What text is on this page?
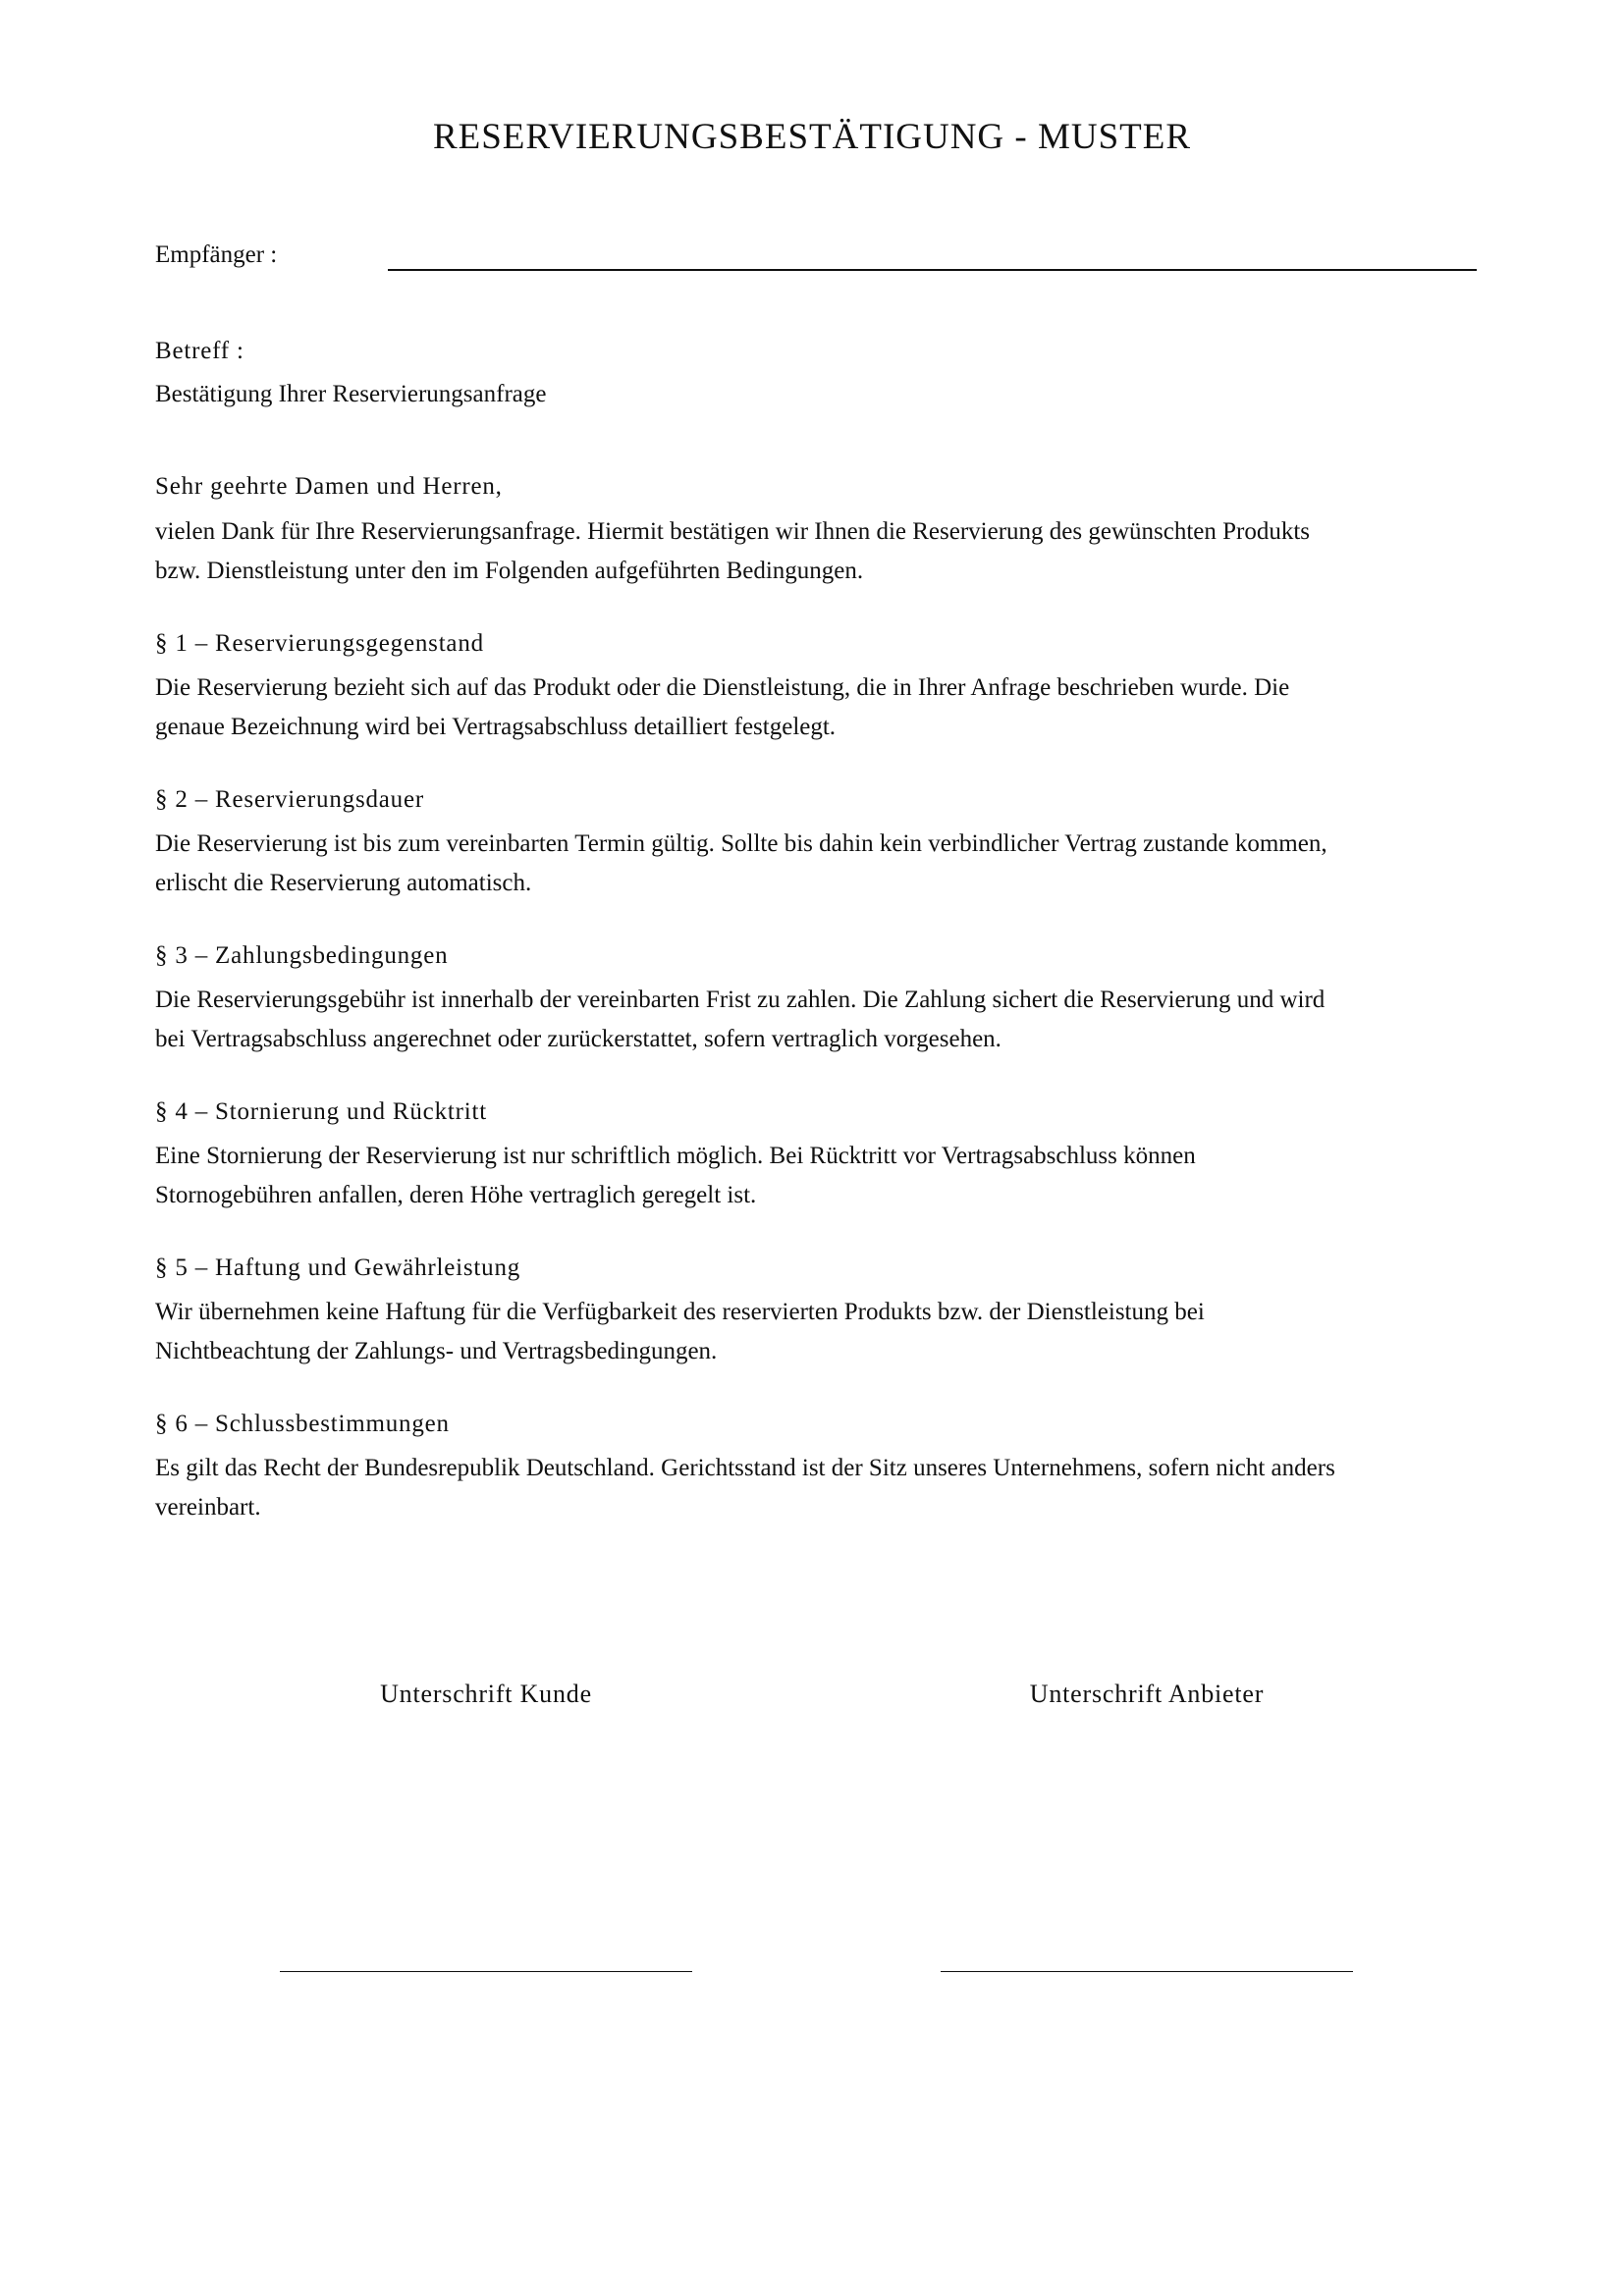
RESERVIERUNGSBESTÄTIGUNG - MUSTER
Empfänger :
Betreff :
Bestätigung Ihrer Reservierungsanfrage
Sehr geehrte Damen und Herren,
vielen Dank für Ihre Reservierungsanfrage. Hiermit bestätigen wir Ihnen die Reservierung des gewünschten Produkts
bzw. Dienstleistung unter den im Folgenden aufgeführten Bedingungen.
§ 1 – Reservierungsgegenstand
Die Reservierung bezieht sich auf das Produkt oder die Dienstleistung, die in Ihrer Anfrage beschrieben wurde. Die
genaue Bezeichnung wird bei Vertragsabschluss detailliert festgelegt.
§ 2 – Reservierungsdauer
Die Reservierung ist bis zum vereinbarten Termin gültig. Sollte bis dahin kein verbindlicher Vertrag zustande kommen,
erlischt die Reservierung automatisch.
§ 3 – Zahlungsbedingungen
Die Reservierungsgebühr ist innerhalb der vereinbarten Frist zu zahlen. Die Zahlung sichert die Reservierung und wird
bei Vertragsabschluss angerechnet oder zurückerstattet, sofern vertraglich vorgesehen.
§ 4 – Stornierung und Rücktritt
Eine Stornierung der Reservierung ist nur schriftlich möglich. Bei Rücktritt vor Vertragsabschluss können
Stornogebühren anfallen, deren Höhe vertraglich geregelt ist.
§ 5 – Haftung und Gewährleistung
Wir übernehmen keine Haftung für die Verfügbarkeit des reservierten Produkts bzw. der Dienstleistung bei
Nichtbeachtung der Zahlungs- und Vertragsbedingungen.
§ 6 – Schlussbestimmungen
Es gilt das Recht der Bundesrepublik Deutschland. Gerichtsstand ist der Sitz unseres Unternehmens, sofern nicht anders
vereinbart.
Unterschrift Kunde	Unterschrift Anbieter
